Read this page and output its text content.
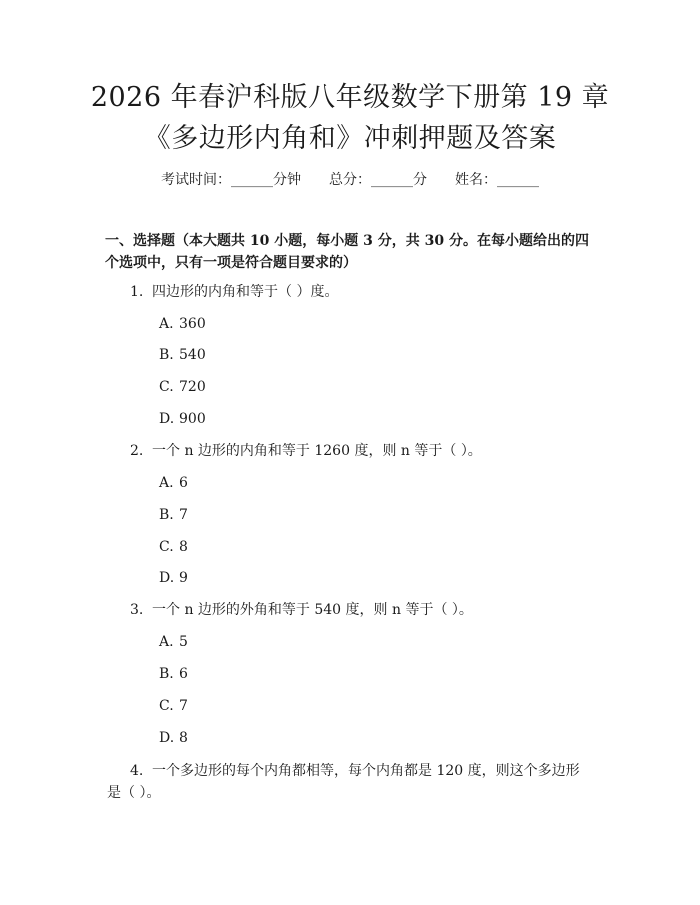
2026 年春沪科版八年级数学下册第 19 章
《多边形内角和》冲刺押题及答案
考试时间：______分钟 总分：______分 姓名：______
一、选择题（本大题共 10 小题，每小题 3 分，共 30 分。在每小题给出的四个选项中，只有一项是符合题目要求的）
1. 四边形的内角和等于（ ）度。
A. 360
B. 540
C. 720
D. 900
2. 一个 n 边形的内角和等于 1260 度，则 n 等于（ ）。
A. 6
B. 7
C. 8
D. 9
3. 一个 n 边形的外角和等于 540 度，则 n 等于（ ）。
A. 5
B. 6
C. 7
D. 8
4. 一个多边形的每个内角都相等，每个内角都是 120 度，则这个多边形是（ ）。
